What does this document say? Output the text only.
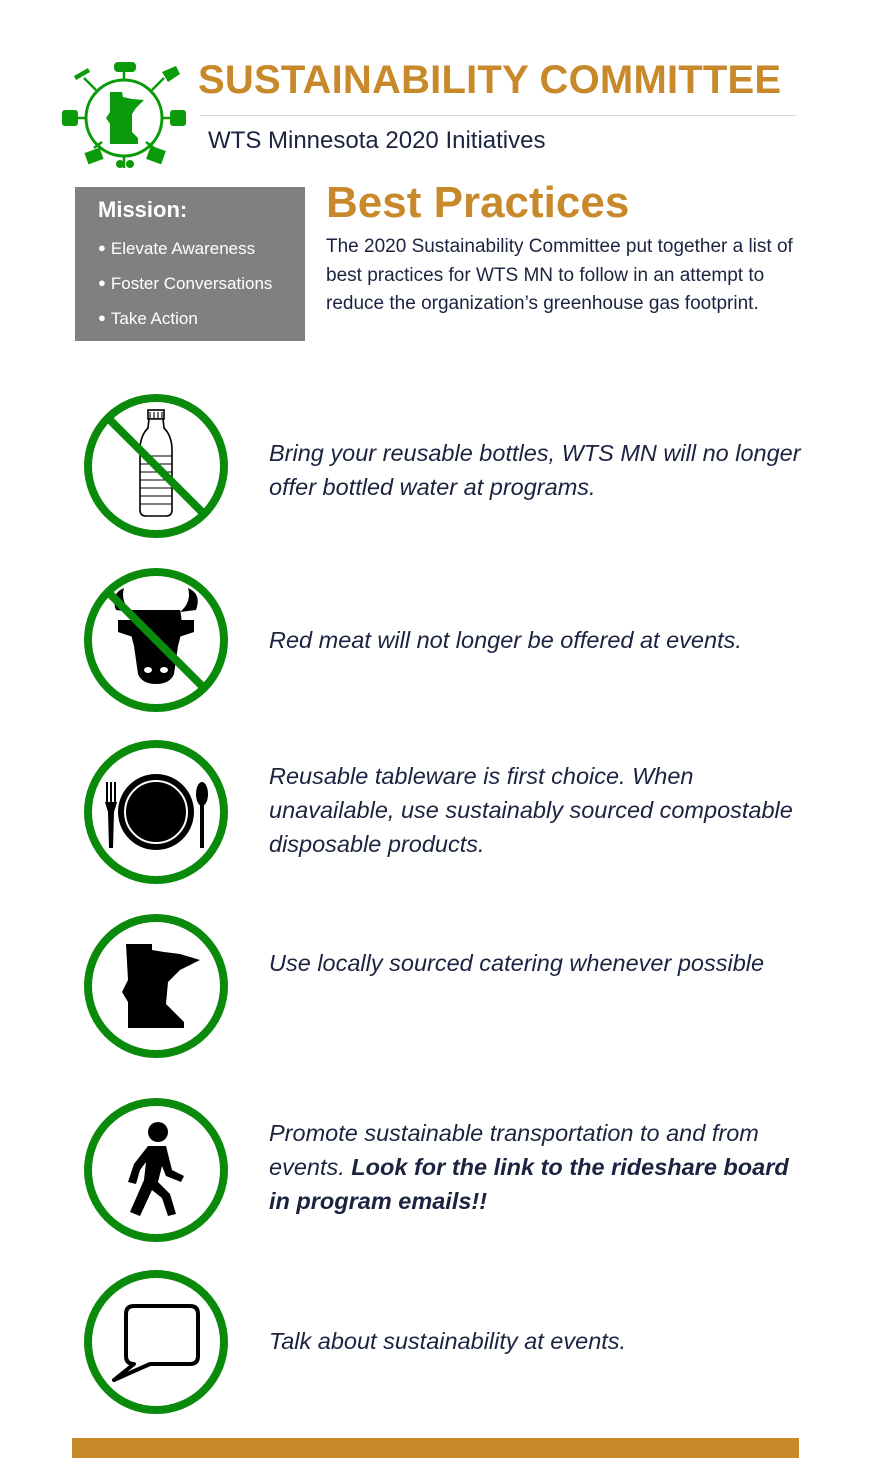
SUSTAINABILITY COMMITTEE
WTS Minnesota 2020 Initiatives
Mission:
● Elevate Awareness
● Foster Conversations
● Take Action
Best Practices

The 2020 Sustainability Committee put together a list of best practices for WTS MN to follow in an attempt to reduce the organization’s greenhouse gas footprint.

Bring your reusable bottles, WTS MN will no longer offer bottled water at programs.

Red meat will not longer be offered at events.

Reusable tableware is first choice. When unavailable, use sustainably sourced compostable disposable products.

Use locally sourced catering whenever possible

Promote sustainable transportation to and from events. Look for the link to the rideshare board in program emails!!

Talk about sustainability at events.
